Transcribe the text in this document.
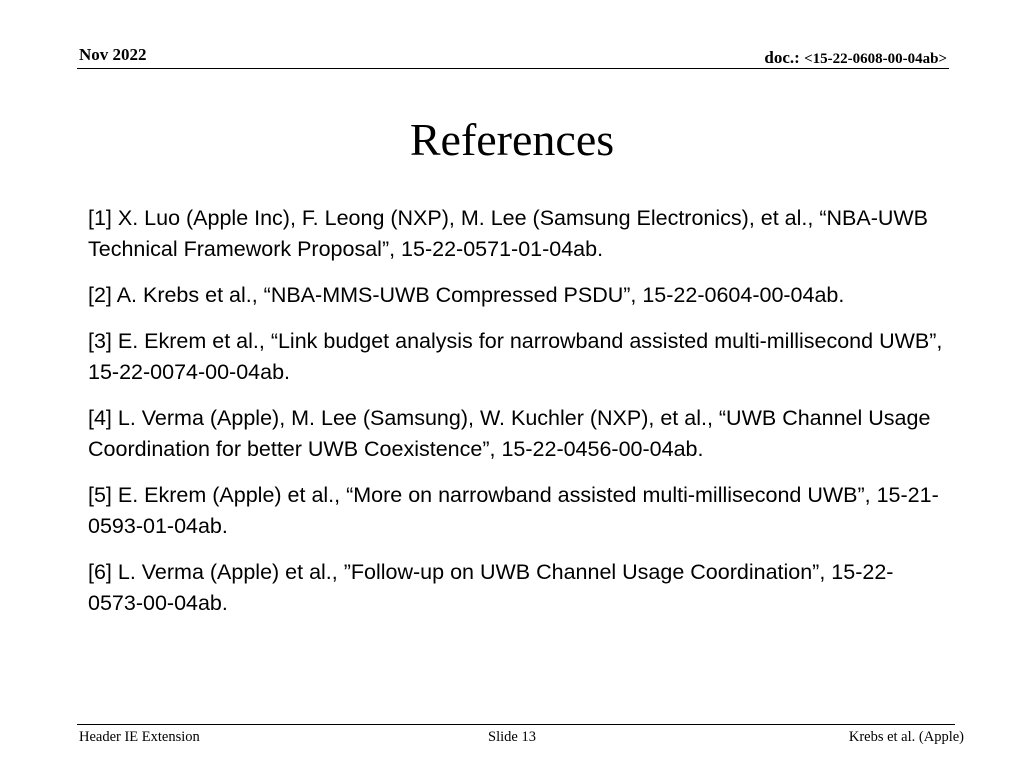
Nov 2022	doc.: <15-22-0608-00-04ab>
References
[1] X. Luo (Apple Inc), F. Leong (NXP), M. Lee (Samsung Electronics), et al., “NBA-UWB Technical Framework Proposal”, 15-22-0571-01-04ab.
[2] A. Krebs et al., “NBA-MMS-UWB Compressed PSDU”, 15-22-0604-00-04ab.
[3] E. Ekrem et al., “Link budget analysis for narrowband assisted multi-millisecond UWB”, 15-22-0074-00-04ab.
[4] L. Verma (Apple), M. Lee (Samsung), W. Kuchler (NXP), et al., “UWB Channel Usage Coordination for better UWB Coexistence”, 15-22-0456-00-04ab.
[5] E. Ekrem (Apple) et al., “More on narrowband assisted multi-millisecond UWB”, 15-21-0593-01-04ab.
[6] L. Verma (Apple) et al., ”Follow-up on UWB Channel Usage Coordination”, 15-22-0573-00-04ab.
Header IE Extension	Slide 13	Krebs et al. (Apple)
